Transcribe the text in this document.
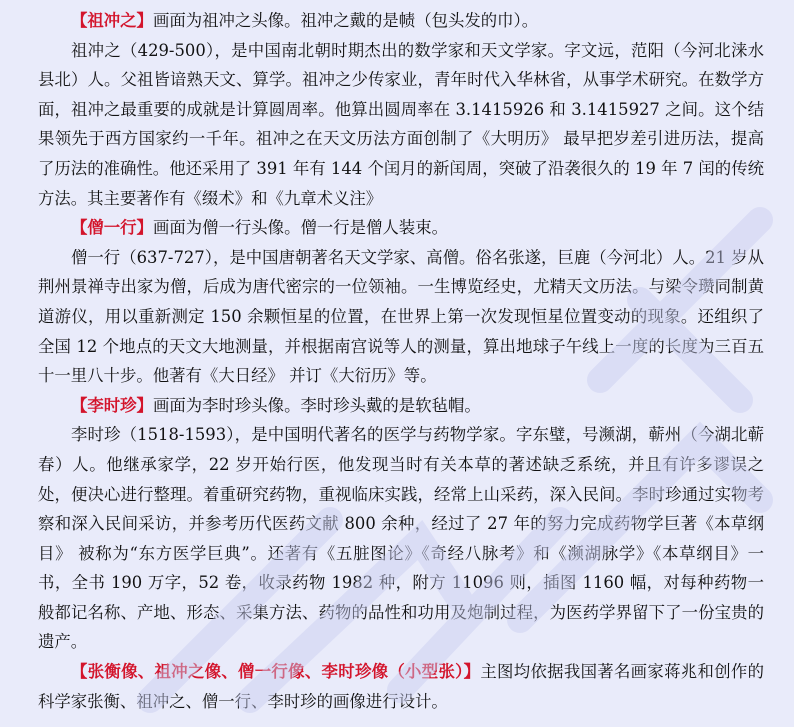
【祖冲之】画面为祖冲之头像。祖冲之戴的是帻（包头发的巾）。

祖冲之（429-500），是中国南北朝时期杰出的数学家和天文学家。字文远，范阳（今河北涞水县北）人。父祖皆谙熟天文、算学。祖冲之少传家业，青年时代入华林省，从事学术研究。在数学方面，祖冲之最重要的成就是计算圆周率。他算出圆周率在 3.1415926 和 3.1415927 之间。这个结果领先于西方国家约一千年。祖冲之在天文历法方面创制了《大明历》 最早把岁差引进历法，提高了历法的准确性。他还采用了 391 年有 144 个闰月的新闰周，突破了沿袭很久的 19 年 7 闰的传统方法。其主要著作有《缀术》和《九章术义注》

【僧一行】画面为僧一行头像。僧一行是僧人装束。

僧一行（637-727），是中国唐朝著名天文学家、高僧。俗名张遂，巨鹿（今河北）人。21 岁从荆州景禅寺出家为僧，后成为唐代密宗的一位领袖。一生博览经史，尤精天文历法。与梁令瓒同制黄道游仪，用以重新测定 150 余颗恒星的位置，在世界上第一次发现恒星位置变动的现象。还组织了全国 12 个地点的天文大地测量，并根据南宫说等人的测量，算出地球子午线上一度的长度为三百五十一里八十步。他著有《大日经》 并订《大衍历》等。

【李时珍】画面为李时珍头像。李时珍头戴的是软毡帽。

李时珍（1518-1593），是中国明代著名的医学与药物学家。字东璧，号濒湖，蕲州（今湖北蕲春）人。他继承家学，22 岁开始行医，他发现当时有关本草的著述缺乏系统，并且有许多谬误之处，便决心进行整理。着重研究药物，重视临床实践，经常上山采药，深入民间。李时珍通过实物考察和深入民间采访，并参考历代医药文献 800 余种，经过了 27 年的努力完成药物学巨著《本草纲目》 被称为“东方医学巨典”。还著有《五脏图论》《奇经八脉考》和《濒湖脉学》《本草纲目》一书，全书 190 万字，52 卷，收录药物 1982 种，附方 11096 则，插图 1160 幅，对每种药物一般都记名称、产地、形态、采集方法、药物的品性和功用及炮制过程，为医药学界留下了一份宝贵的遗产。

【张衡像、祖冲之像、僧一行像、李时珍像（小型张）】主图均依据我国著名画家蒋兆和创作的科学家张衡、祖冲之、僧一行、李时珍的画像进行设计。
